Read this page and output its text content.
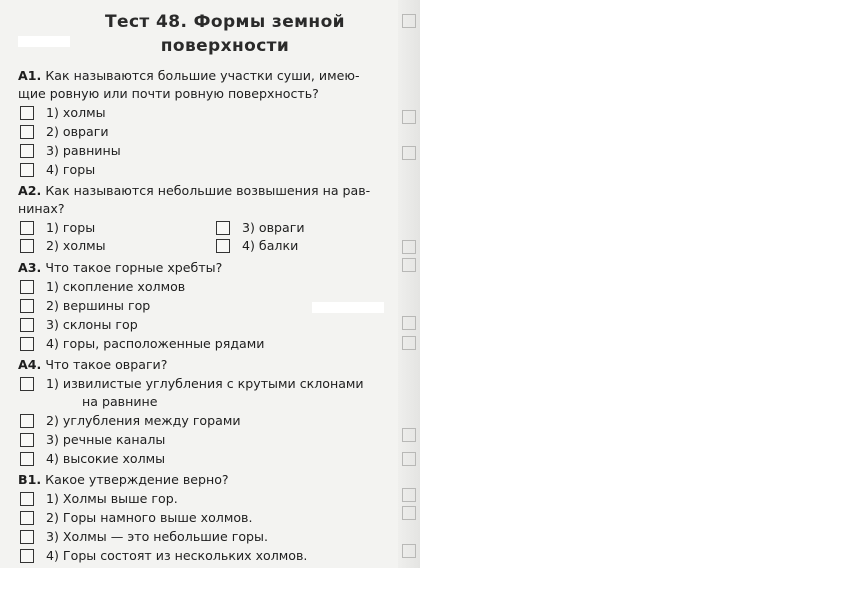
Тест 48. Формы земной
поверхности
А1. Как называются большие участки суши, имею-
щие ровную или почти ровную поверхность?
1) холмы
2) овраги
3) равнины
4) горы
А2. Как называются небольшие возвышения на рав-
нинах?
1) горы
2) холмы
3) овраги
4) балки
А3. Что такое горные хребты?
1) скопление холмов
2) вершины гор
3) склоны гор
4) горы, расположенные рядами
А4. Что такое овраги?
1) извилистые углубления с крутыми склонами
на равнине
2) углубления между горами
3) речные каналы
4) высокие холмы
В1. Какое утверждение верно?
1) Холмы выше гор.
2) Горы намного выше холмов.
3) Холмы — это небольшие горы.
4) Горы состоят из нескольких холмов.
